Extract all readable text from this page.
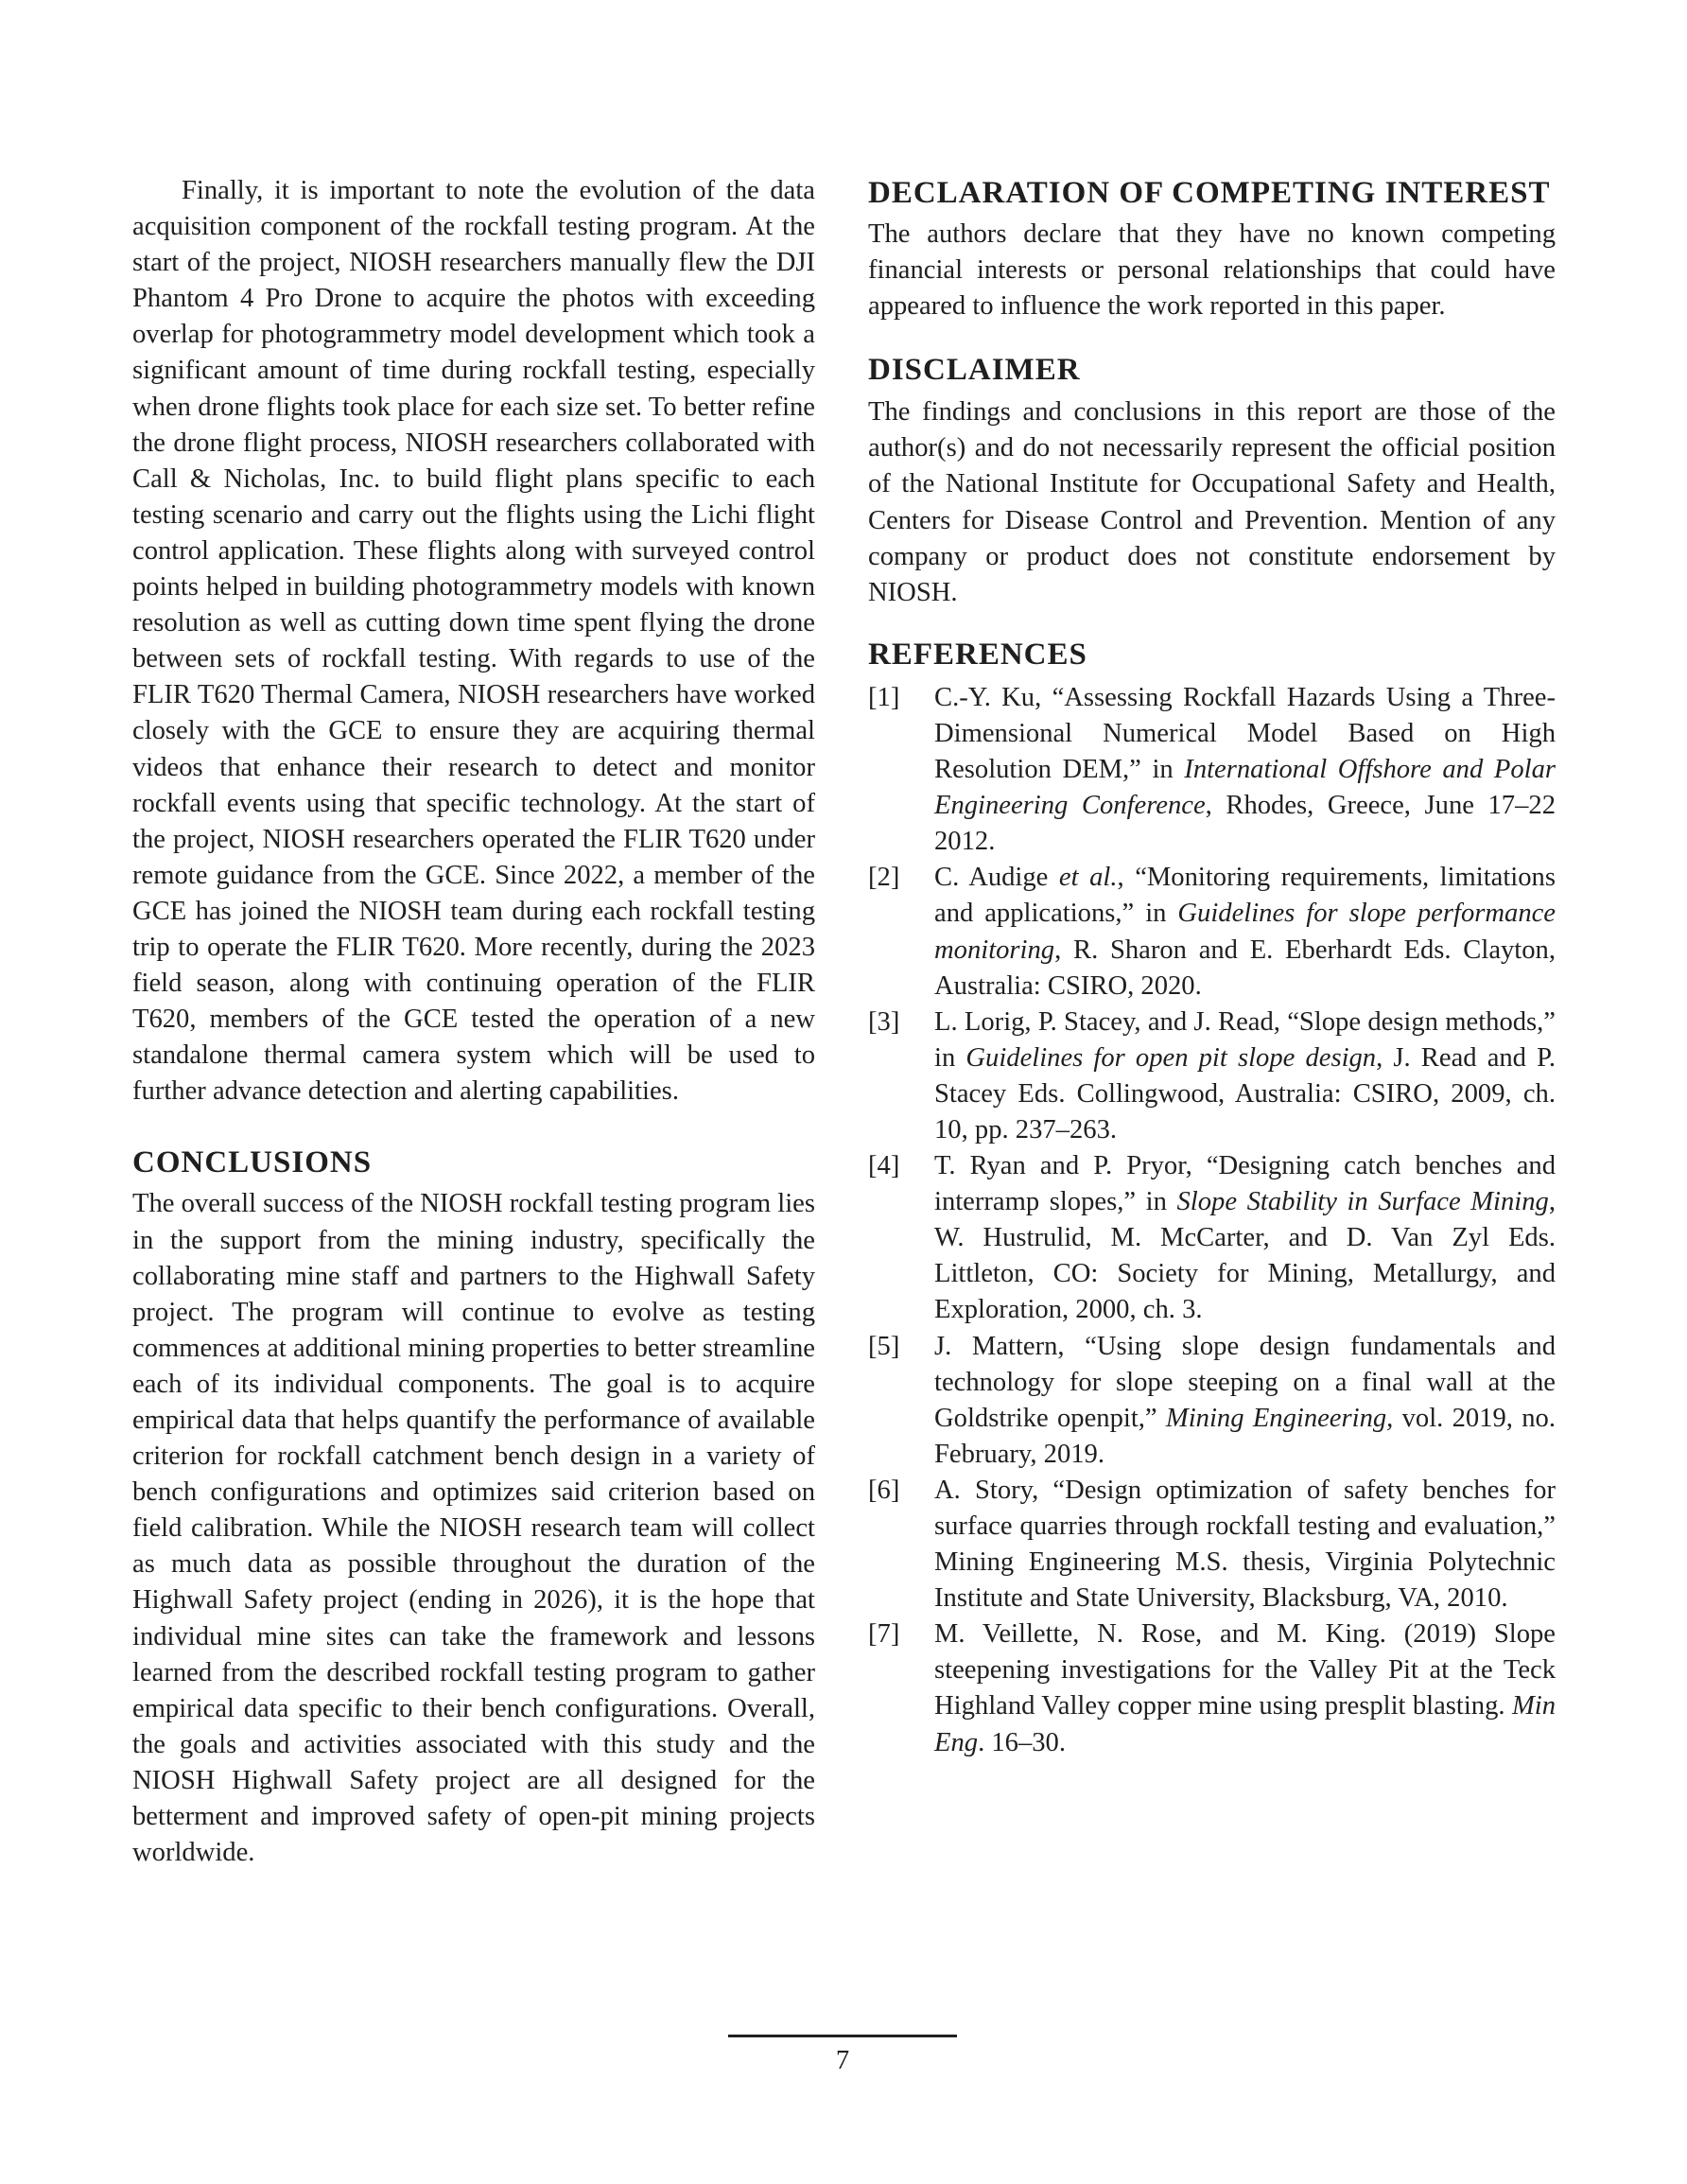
Finally, it is important to note the evolution of the data acquisition component of the rockfall testing program. At the start of the project, NIOSH researchers manually flew the DJI Phantom 4 Pro Drone to acquire the photos with exceeding overlap for photogrammetry model development which took a significant amount of time during rockfall testing, especially when drone flights took place for each size set. To better refine the drone flight process, NIOSH researchers collaborated with Call & Nicholas, Inc. to build flight plans specific to each testing scenario and carry out the flights using the Lichi flight control application. These flights along with surveyed control points helped in building photogrammetry models with known resolution as well as cutting down time spent flying the drone between sets of rockfall testing. With regards to use of the FLIR T620 Thermal Camera, NIOSH researchers have worked closely with the GCE to ensure they are acquiring thermal videos that enhance their research to detect and monitor rockfall events using that specific technology. At the start of the project, NIOSH researchers operated the FLIR T620 under remote guidance from the GCE. Since 2022, a member of the GCE has joined the NIOSH team during each rockfall testing trip to operate the FLIR T620. More recently, during the 2023 field season, along with continuing operation of the FLIR T620, members of the GCE tested the operation of a new standalone thermal camera system which will be used to further advance detection and alerting capabilities.

CONCLUSIONS

The overall success of the NIOSH rockfall testing program lies in the support from the mining industry, specifically the collaborating mine staff and partners to the Highwall Safety project. The program will continue to evolve as testing commences at additional mining properties to better streamline each of its individual components. The goal is to acquire empirical data that helps quantify the performance of available criterion for rockfall catchment bench design in a variety of bench configurations and optimizes said criterion based on field calibration. While the NIOSH research team will collect as much data as possible throughout the duration of the Highwall Safety project (ending in 2026), it is the hope that individual mine sites can take the framework and lessons learned from the described rockfall testing program to gather empirical data specific to their bench configurations. Overall, the goals and activities associated with this study and the NIOSH Highwall Safety project are all designed for the betterment and improved safety of open-pit mining projects worldwide.

DECLARATION OF COMPETING INTEREST

The authors declare that they have no known competing financial interests or personal relationships that could have appeared to influence the work reported in this paper.

DISCLAIMER

The findings and conclusions in this report are those of the author(s) and do not necessarily represent the official position of the National Institute for Occupational Safety and Health, Centers for Disease Control and Prevention. Mention of any company or product does not constitute endorsement by NIOSH.

REFERENCES
[1]	C.-Y. Ku, “Assessing Rockfall Hazards Using a Three-Dimensional Numerical Model Based on High Resolution DEM,” in International Offshore and Polar Engineering Conference, Rhodes, Greece, June 17–22 2012.
[2]	C. Audige et al., “Monitoring requirements, limitations and applications,” in Guidelines for slope performance monitoring, R. Sharon and E. Eberhardt Eds. Clayton, Australia: CSIRO, 2020.
[3]	L. Lorig, P. Stacey, and J. Read, “Slope design methods,” in Guidelines for open pit slope design, J. Read and P. Stacey Eds. Collingwood, Australia: CSIRO, 2009, ch. 10, pp. 237–263.
[4]	T. Ryan and P. Pryor, “Designing catch benches and interramp slopes,” in Slope Stability in Surface Mining, W. Hustrulid, M. McCarter, and D. Van Zyl Eds. Littleton, CO: Society for Mining, Metallurgy, and Exploration, 2000, ch. 3.
[5]	J. Mattern, “Using slope design fundamentals and technology for slope steeping on a final wall at the Goldstrike openpit,” Mining Engineering, vol. 2019, no. February, 2019.
[6]	A. Story, “Design optimization of safety benches for surface quarries through rockfall testing and evaluation,” Mining Engineering M.S. thesis, Virginia Polytechnic Institute and State University, Blacksburg, VA, 2010.
[7]	M. Veillette, N. Rose, and M. King. (2019) Slope steepening investigations for the Valley Pit at the Teck Highland Valley copper mine using presplit blasting. Min Eng. 16–30.
7
